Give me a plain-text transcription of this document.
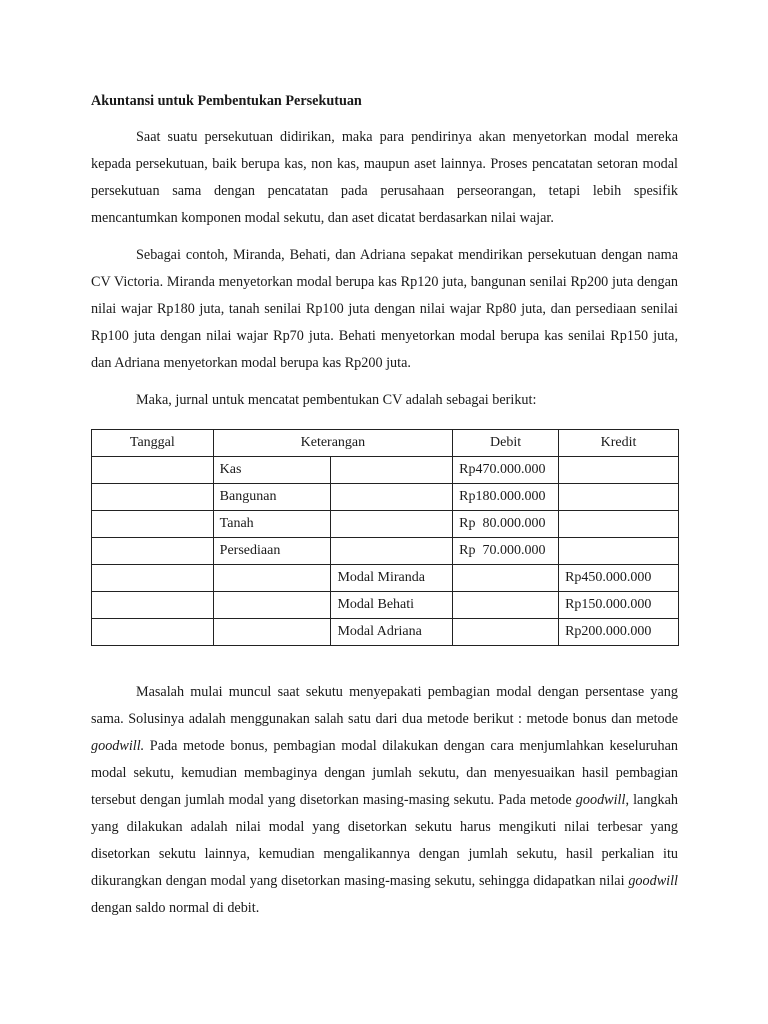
Akuntansi untuk Pembentukan Persekutuan

Saat suatu persekutuan didirikan, maka para pendirinya akan menyetorkan modal mereka kepada persekutuan, baik berupa kas, non kas, maupun aset lainnya. Proses pencatatan setoran modal persekutuan sama dengan pencatatan pada perusahaan perseorangan, tetapi lebih spesifik mencantumkan komponen modal sekutu, dan aset dicatat berdasarkan nilai wajar.

Sebagai contoh, Miranda, Behati, dan Adriana sepakat mendirikan persekutuan dengan nama CV Victoria. Miranda menyetorkan modal berupa kas Rp120 juta, bangunan senilai Rp200 juta dengan nilai wajar Rp180 juta, tanah senilai Rp100 juta dengan nilai wajar Rp80 juta, dan persediaan senilai Rp100 juta dengan nilai wajar Rp70 juta. Behati menyetorkan modal berupa kas senilai Rp150 juta, dan Adriana menyetorkan modal berupa kas Rp200 juta.

Maka, jurnal untuk mencatat pembentukan CV adalah sebagai berikut:

Tanggal	Keterangan		Debit	Kredit
	Kas		Rp470.000.000	
	Bangunan		Rp180.000.000	
	Tanah		Rp  80.000.000	
	Persediaan		Rp  70.000.000	
		Modal Miranda		Rp450.000.000
		Modal Behati		Rp150.000.000
		Modal Adriana		Rp200.000.000

Masalah mulai muncul saat sekutu menyepakati pembagian modal dengan persentase yang sama. Solusinya adalah menggunakan salah satu dari dua metode berikut : metode bonus dan metode goodwill. Pada metode bonus, pembagian modal dilakukan dengan cara menjumlahkan keseluruhan modal sekutu, kemudian membaginya dengan jumlah sekutu, dan menyesuaikan hasil pembagian tersebut dengan jumlah modal yang disetorkan masing-masing sekutu. Pada metode goodwill, langkah yang dilakukan adalah nilai modal yang disetorkan sekutu harus mengikuti nilai terbesar yang disetorkan sekutu lainnya, kemudian mengalikannya dengan jumlah sekutu, hasil perkalian itu dikurangkan dengan modal yang disetorkan masing-masing sekutu, sehingga didapatkan nilai goodwill dengan saldo normal di debit.
